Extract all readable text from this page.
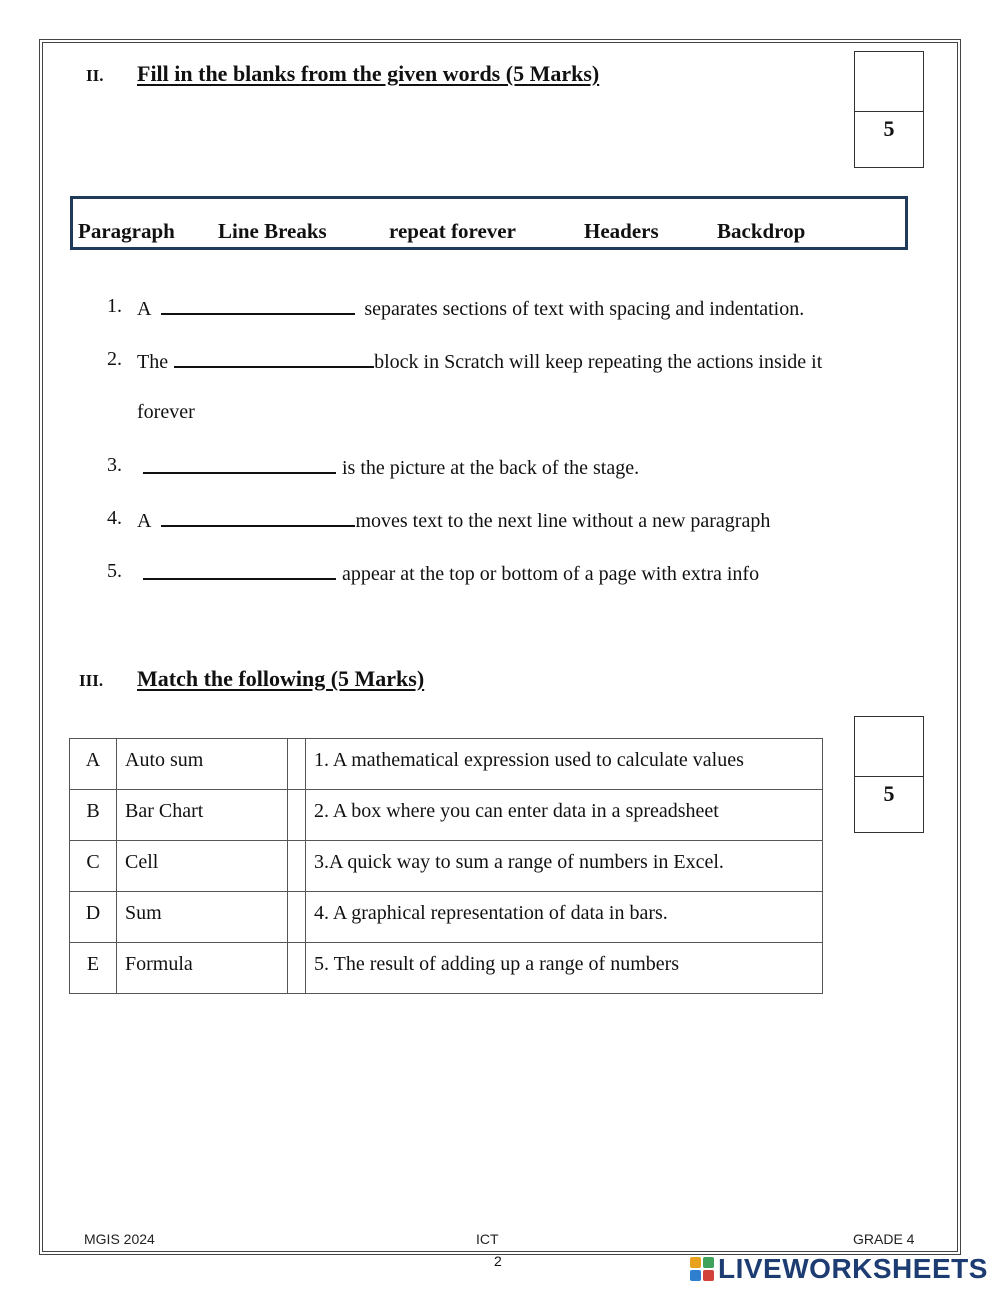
II. Fill in the blanks from the given words (5 Marks)
5
Paragraph Line Breaks	repeat forever	Headers	Backdrop
1. A	separates sections of text with spacing and indentation.
2. The	block in Scratch will keep repeating the actions inside it
forever
3.	is the picture at the back of the stage.
4. A	moves text to the next line without a new paragraph
5.	appear at the top or bottom of a page with extra info
III. Match the following (5 Marks)
5
A	Auto sum		1. A mathematical expression used to calculate values
B	Bar Chart		2. A box where you can enter data in a spreadsheet
C	Cell		3.A quick way to sum a range of numbers in Excel.
D	Sum		4. A graphical representation of data in bars.
E	Formula		5. The result of adding up a range of numbers
MGIS 2024	ICT	GRADE 4
2	LIVEWORKSHEETS
